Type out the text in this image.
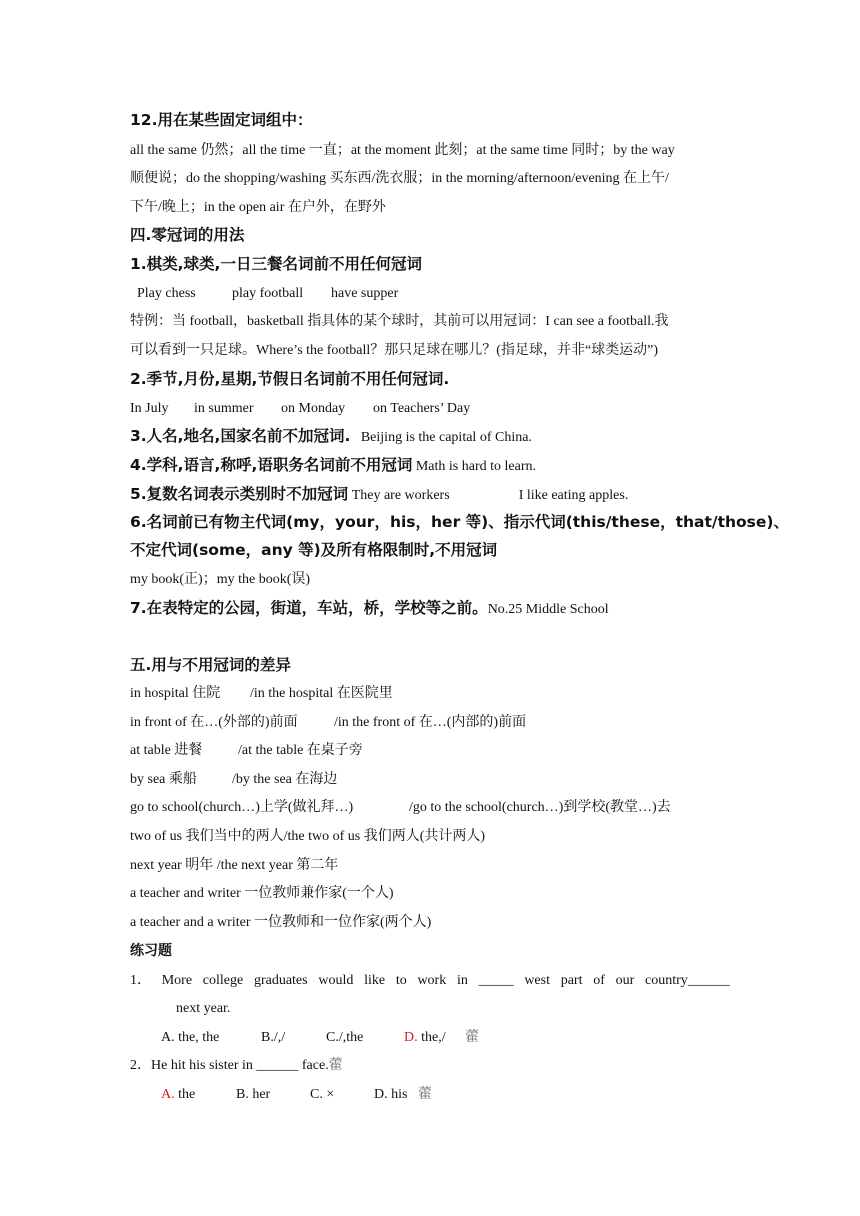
12.用在某些固定词组中：
all the same 仍然；all the time 一直；at the moment 此刻；at the same time 同时；by the way
顺便说；do the shopping/washing 买东西/洗衣服；in the morning/afternoon/evening 在上午/
下午/晚上；in the open air 在户外，在野外
四.零冠词的用法
1.棋类,球类,一日三餐名词前不用任何冠词
Play chess	play football have supper
特例：当 football，basketball 指具体的某个球时，其前可以用冠词：I can see a football.我
可以看到一只足球。Where’s the football？那只足球在哪儿？(指足球，并非“球类运动”)
2.季节,月份,星期,节假日名词前不用任何冠词.
In July in summer on Monday on Teachers’ Day
3.人名,地名,国家名前不加冠词. Beijing is the capital of China.
4.学科,语言,称呼,语职务名词前不用冠词 Math is hard to learn.
5.复数名词表示类别时不加冠词 They are workers	I like eating apples.
6.名词前已有物主代词(my，your，his，her 等)、指示代词(this/these，that/those)、
不定代词(some，any 等)及所有格限制时,不用冠词
my book(正)；my the book(误)
7.在表特定的公园，街道，车站，桥，学校等之前。No.25 Middle School
五.用与不用冠词的差异
in hospital 住院 /in the hospital 在医院里
in front of 在…(外部的)前面	/in the front of 在…(内部的)前面
at table 进餐	/at the table 在桌子旁
by sea 乘船	/by the sea 在海边
go to school(church…)上学(做礼拜…)	/go to the school(church…)到学校(教堂…)去
two of us 我们当中的两人/the two of us 我们两人(共计两人)
next year 明年 /the next year 第二年
a teacher and writer 一位教师兼作家(一个人)
a teacher and a writer 一位教师和一位作家(两个人)
练习题
1． More college graduates would like to work in _____ west part of our country______
next year.
A. the, the	B./,/	C./,the	D. the,/ 藿
2．He hit his sister in ______ face.藿
A. the	B. her	C. ×	D. his 藿
